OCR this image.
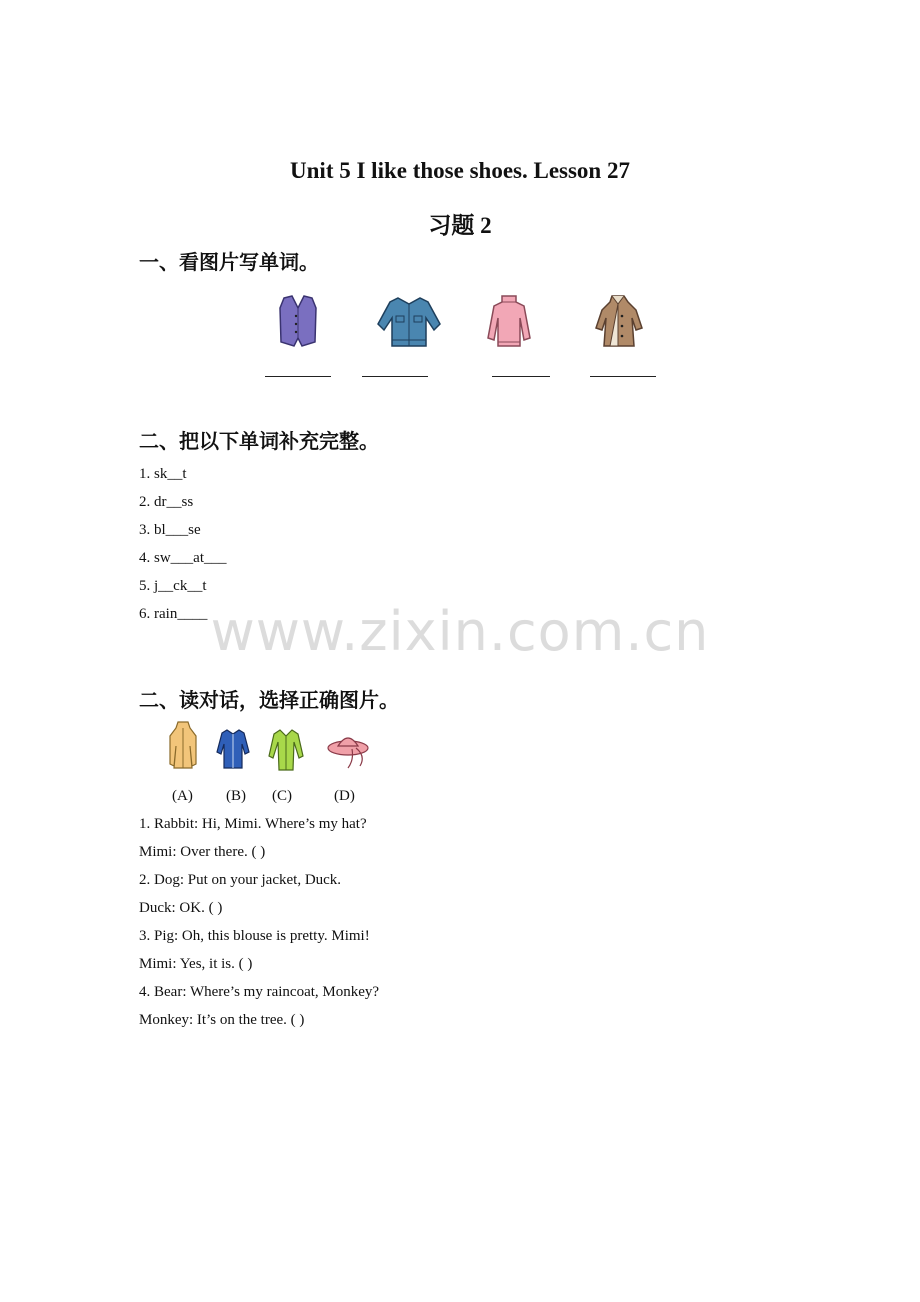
www.zixin.com.cn
Unit 5 I like those shoes. Lesson 27
习题 2
一、看图片写单词。
二、把以下单词补充完整。
1. sk__t
2. dr__ss
3. bl___se
4. sw___at___
5. j__ck__t
6. rain____
二、读对话，选择正确图片。
(A) (B) (C)	(D)
1. Rabbit: Hi, Mimi. Where’s my hat?
Mimi: Over there. ( )
2. Dog: Put on your jacket, Duck.
Duck: OK. ( )
3. Pig: Oh, this blouse is pretty. Mimi!
Mimi: Yes, it is. ( )
4. Bear: Where’s my raincoat, Monkey?
Monkey: It’s on the tree. ( )
